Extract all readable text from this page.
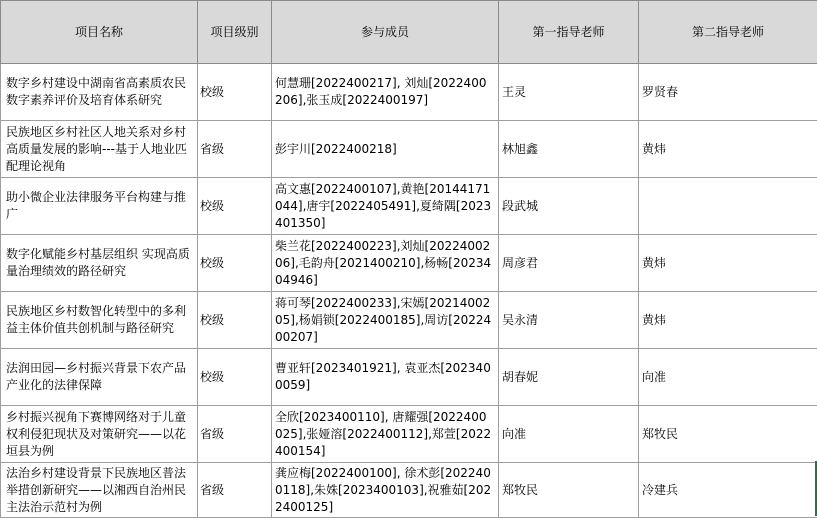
项目名称	项目级别	参与成员	第一指导老师	第二指导老师
数字乡村建设中湖南省高素质农民数字素养评价及培育体系研究	校级	何慧珊[2022400217], 刘灿[2022400206],张玉成[2022400197]	王灵	罗贤春
民族地区乡村社区人地关系对乡村高质量发展的影响---基于人地业匹配理论视角	省级	彭宇川[2022400218]	林旭鑫	黄炜
助小微企业法律服务平台构建与推广	校级	高文惠[2022400107],黄艳[20144171044],唐宇[2022405491],夏绮隅[2023401350]	段武城	
数字化赋能乡村基层组织 实现高质量治理绩效的路径研究	校级	柴兰花[2022400223],刘灿[2022400206],毛韵舟[2021400210],杨畅[2023404946]	周彦君	黄炜
民族地区乡村数智化转型中的多利益主体价值共创机制与路径研究	校级	蒋可琴[2022400233],宋嫣[2021400205],杨娟锁[2022400185],周访[2022400207]	吴永清	黄炜
法润田园—乡村振兴背景下农产品产业化的法律保障	校级	曹亚轩[2023401921], 袁亚杰[2023400059]	胡春妮	向准
乡村振兴视角下赛博网络对于儿童权利侵犯现状及对策研究——以花垣县为例	省级	全欣[2023400110], 唐耀强[2022400025],张娅溶[2022400112],郑萱[2022400154]	向准	郑牧民
法治乡村建设背景下民族地区普法举措创新研究——以湘西自治州民主法治示范村为例	省级	龚应梅[2022400100], 徐术彭[2022400118],朱姝[2023400103],祝雅茹[2022400125]	郑牧民	冷建兵
